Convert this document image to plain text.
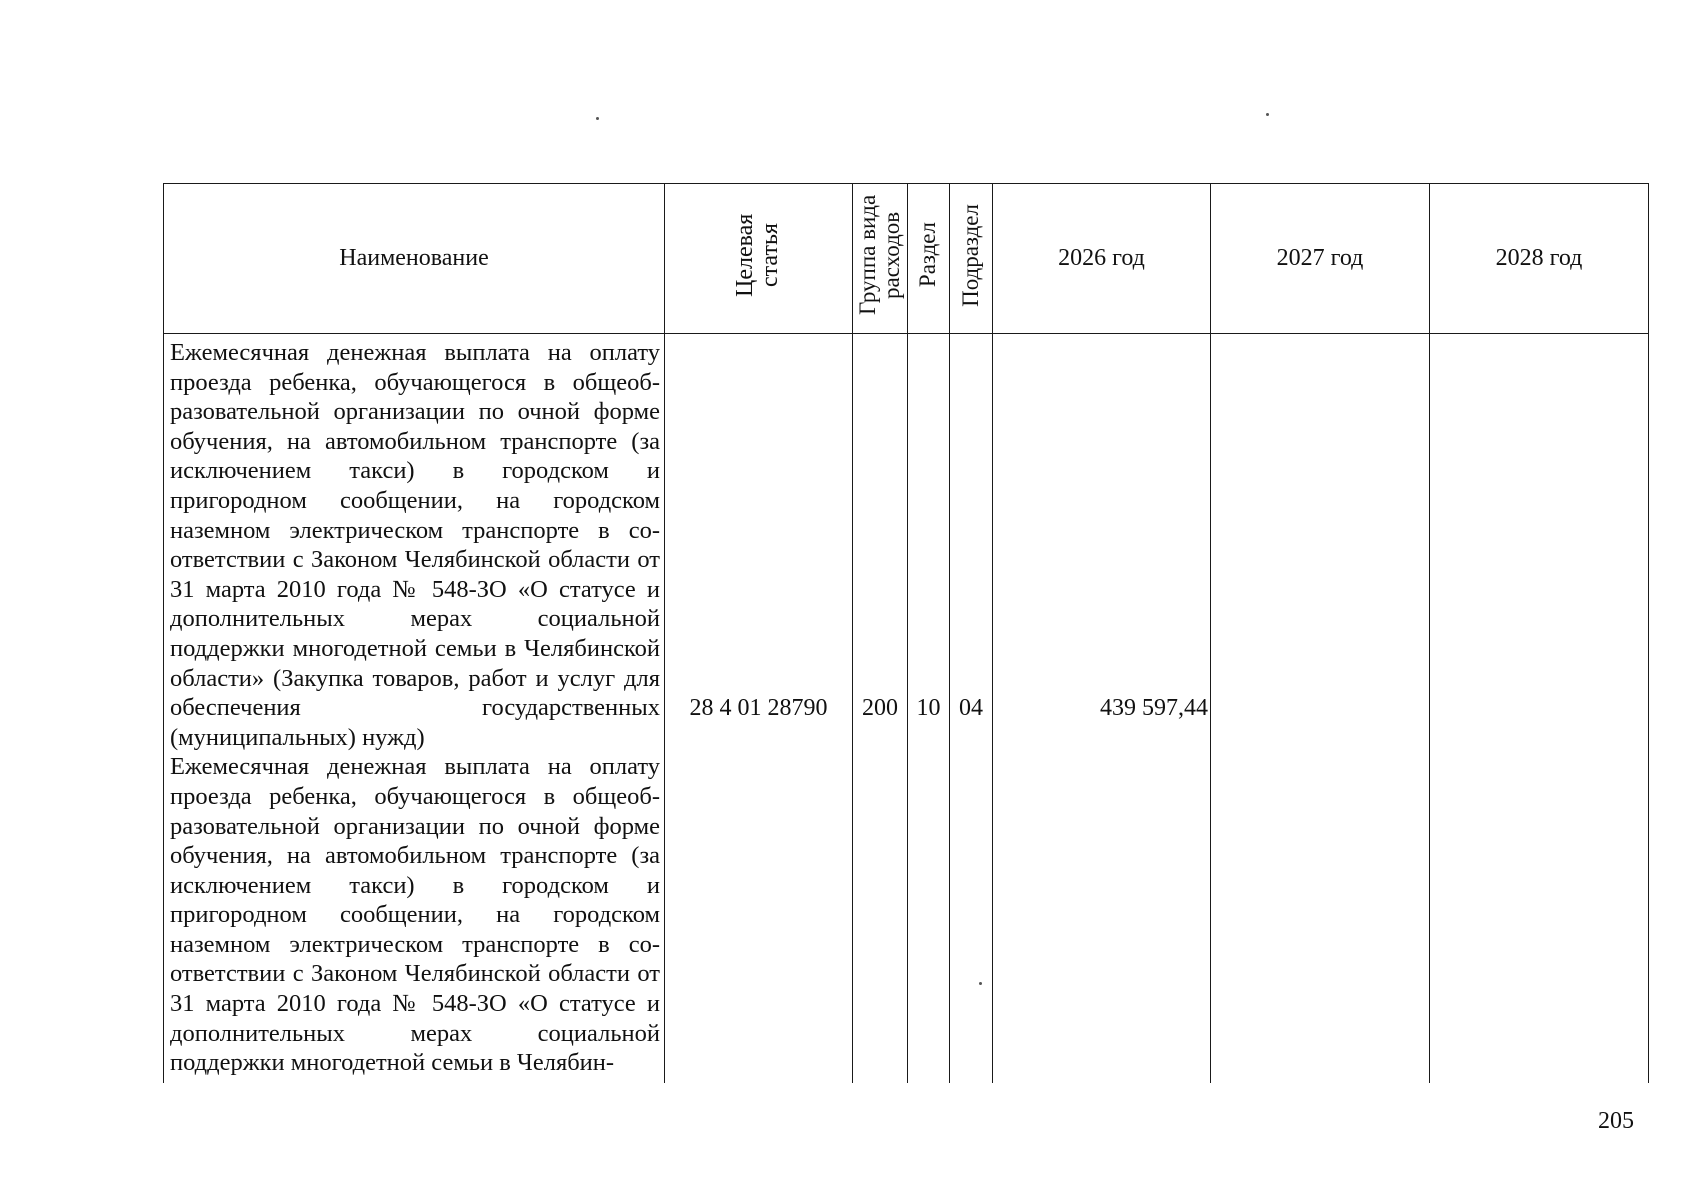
Наименование	Целевая статья	Группа вида расходов	Раздел	Подраздел	2026 год	2027 год	2028 год

Ежемесячная денежная выплата на оплату проезда ребенка, обучающегося в общеобразовательной организации по очной форме обучения, на автомобильном транспорте (за исключением такси) в городском и пригородном сообщении, на городском наземном электрическом транспорте в соответствии с Законом Челябинской области от 31 марта 2010 года № 548-ЗО «О статусе и дополнительных мерах социальной поддержки многодетной семьи в Челябинской области» (Закупка товаров, работ и услуг для обеспечения государственных (муниципальных) нужд)
Ежемесячная денежная выплата на оплату проезда ребенка, обучающегося в общеобразовательной организации по очной форме обучения, на автомобильном транспорте (за исключением такси) в городском и пригородном сообщении, на городском наземном электрическом транспорте в соответствии с Законом Челябинской области от 31 марта 2010 года № 548-ЗО «О статусе и дополнительных мерах социальной поддержки многодетной семьи в Челябин-	28 4 01 28790	200	10	04	439 597,44		
205
